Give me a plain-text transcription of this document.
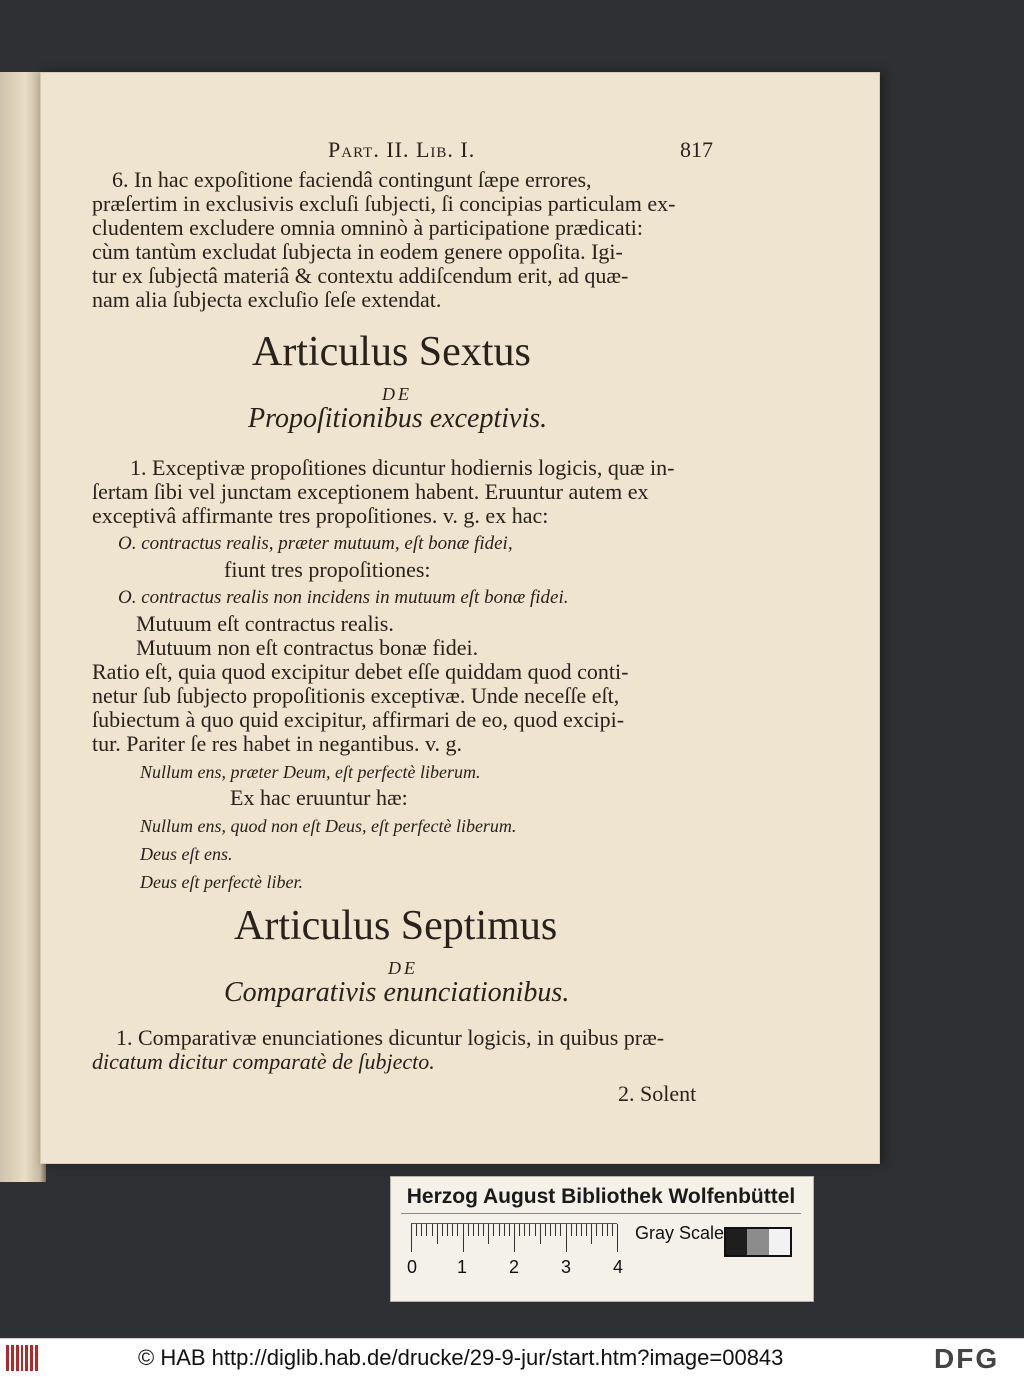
Part. II. Lib. I.	817
6. In hac expoſitione faciendâ contingunt ſæpe errores,
præſertim in exclusivis excluſi ſubjecti, ſi concipias particulam ex-
cludentem excludere omnia omninò à participatione prædicati:
cùm tantùm excludat ſubjecta in eodem genere oppoſita. Igi-
tur ex ſubjectâ materiâ & contextu addiſcendum erit, ad quæ-
nam alia ſubjecta excluſio ſeſe extendat.
Articulus Sextus
DE
Propoſitionibus exceptivis.
1. Exceptivæ propoſitiones dicuntur hodiernis logicis, quæ in-
ſertam ſibi vel junctam exceptionem habent. Eruuntur autem ex
exceptivâ affirmante tres propoſitiones. v. g. ex hac:
O. contractus realis, præter mutuum, eſt bonæ fidei,
fiunt tres propoſitiones:
O. contractus realis non incidens in mutuum eſt bonæ fidei.
Mutuum eſt contractus realis.
Mutuum non eſt contractus bonæ fidei.
Ratio eſt, quia quod excipitur debet eſſe quiddam quod conti-
netur ſub ſubjecto propoſitionis exceptivæ. Unde neceſſe eſt,
ſubiectum à quo quid excipitur, affirmari de eo, quod excipi-
tur. Pariter ſe res habet in negantibus. v. g.
Nullum ens, præter Deum, eſt perfectè liberum.
Ex hac eruuntur hæ:
Nullum ens, quod non eſt Deus, eſt perfectè liberum.
Deus eſt ens.
Deus eſt perfectè liber.
Articulus Septimus
DE
Comparativis enunciationibus.
1. Comparativæ enunciationes dicuntur logicis, in quibus præ-
dicatum dicitur comparatè de ſubjecto.
2. Solent
Herzog August Bibliothek Wolfenbüttel
0 1 2 3 4
Gray Scale
© HAB http://diglib.hab.de/drucke/29-9-jur/start.htm?image=00843	DFG
